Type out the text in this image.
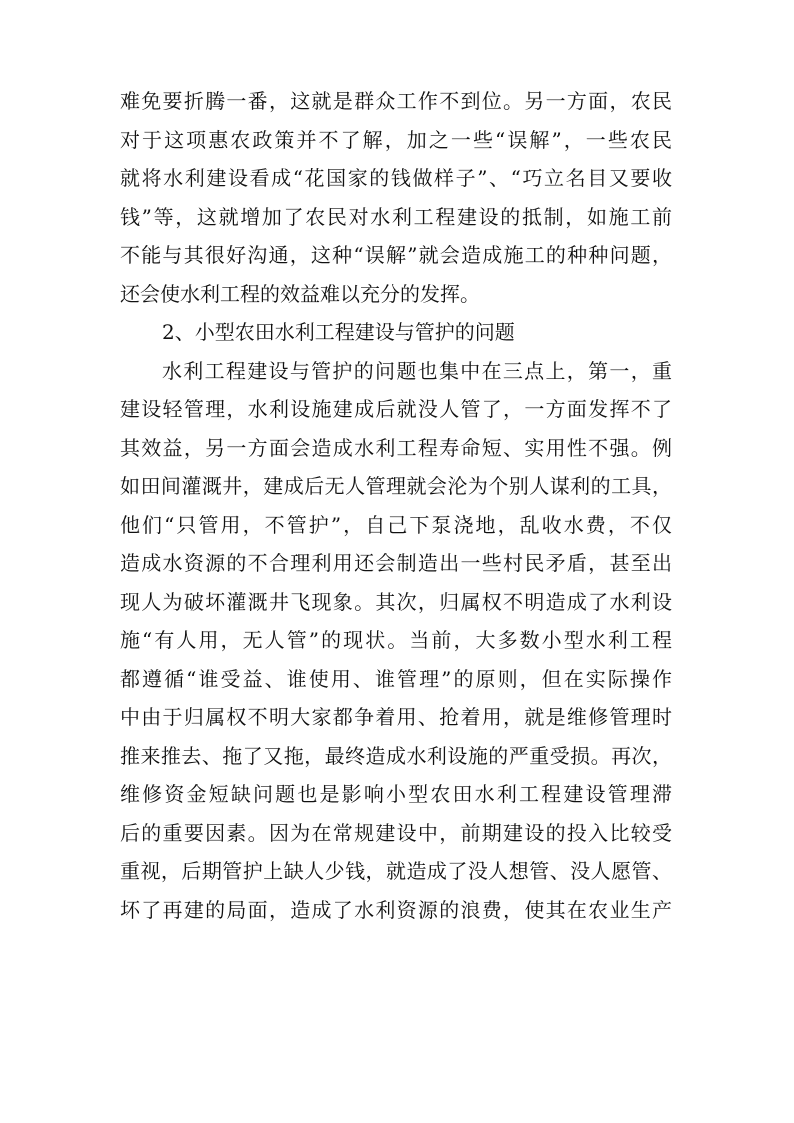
难免要折腾一番，这就是群众工作不到位。另一方面，农民
对于这项惠农政策并不了解，加之一些“误解”，一些农民
就将水利建设看成“花国家的钱做样子”、“巧立名目又要收
钱”等，这就增加了农民对水利工程建设的抵制，如施工前
不能与其很好沟通，这种“误解”就会造成施工的种种问题，
还会使水利工程的效益难以充分的发挥。
2、小型农田水利工程建设与管护的问题
水利工程建设与管护的问题也集中在三点上，第一，重
建设轻管理，水利设施建成后就没人管了，一方面发挥不了
其效益，另一方面会造成水利工程寿命短、实用性不强。例
如田间灌溉井，建成后无人管理就会沦为个别人谋利的工具，
他们“只管用，不管护”，自己下泵浇地，乱收水费，不仅
造成水资源的不合理利用还会制造出一些村民矛盾，甚至出
现人为破坏灌溉井飞现象。其次，归属权不明造成了水利设
施“有人用，无人管”的现状。当前，大多数小型水利工程
都遵循“谁受益、谁使用、谁管理”的原则，但在实际操作
中由于归属权不明大家都争着用、抢着用，就是维修管理时
推来推去、拖了又拖，最终造成水利设施的严重受损。再次，
维修资金短缺问题也是影响小型农田水利工程建设管理滞
后的重要因素。因为在常规建设中，前期建设的投入比较受
重视，后期管护上缺人少钱，就造成了没人想管、没人愿管、
坏了再建的局面，造成了水利资源的浪费，使其在农业生产
